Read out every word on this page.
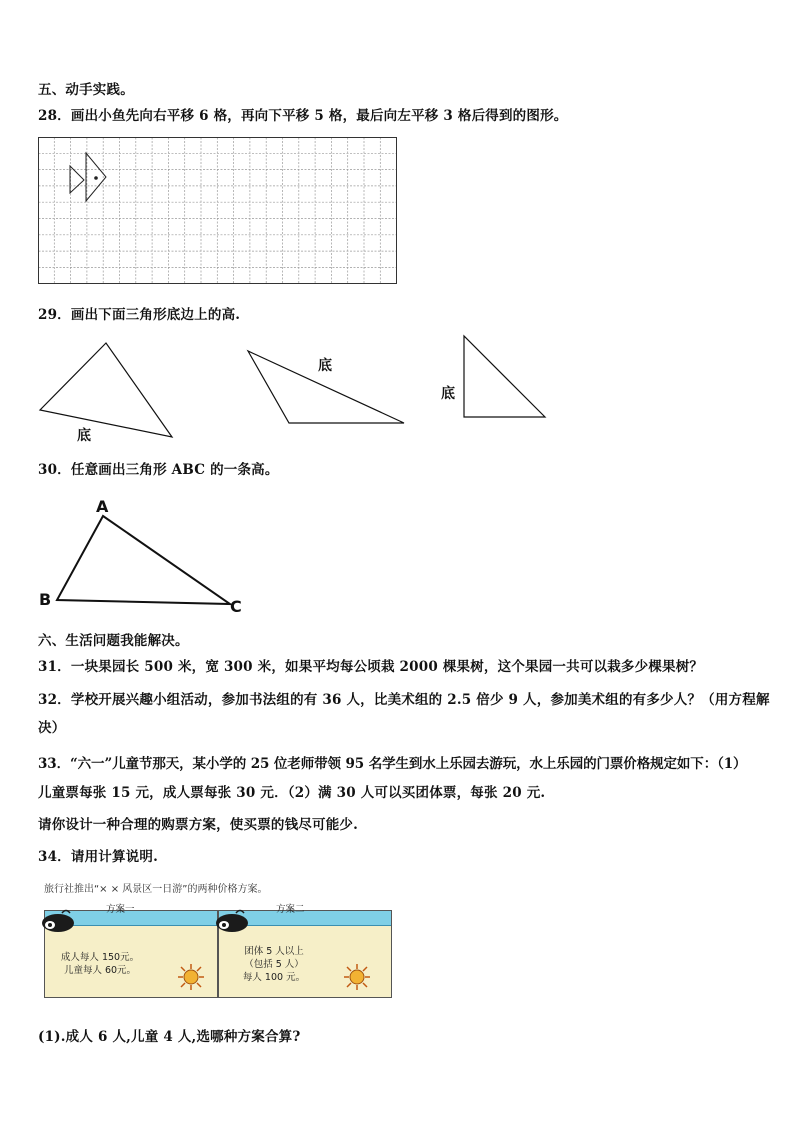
五、动手实践。
28．画出小鱼先向右平移 6 格，再向下平移 5 格，最后向左平移 3 格后得到的图形。
29．画出下面三角形底边上的高.
底
底
底
30．任意画出三角形 ABC 的一条高。
A
B	C
六、生活问题我能解决。
31．一块果园长 500 米，宽 300 米，如果平均每公顷栽 2000 棵果树，这个果园一共可以栽多少棵果树？
32．学校开展兴趣小组活动，参加书法组的有 36 人，比美术组的 2.5 倍少 9 人，参加美术组的有多少人？（用方程解
决）
33．“六一”儿童节那天，某小学的 25 位老师带领 95 名学生到水上乐园去游玩，水上乐园的门票价格规定如下：（1）
儿童票每张 15 元，成人票每张 30 元．（2）满 30 人可以买团体票，每张 20 元.
请你设计一种合理的购票方案，使买票的钱尽可能少.
34．请用计算说明.
旅行社推出“× × 风景区一日游”的两种价格方案。
成人每人 150元。
儿童每人 60元。
方案一
团体 5 人以上
（包括 5 人）
每人 100 元。
方案二
(1).成人 6 人,儿童 4 人,选哪种方案合算?
